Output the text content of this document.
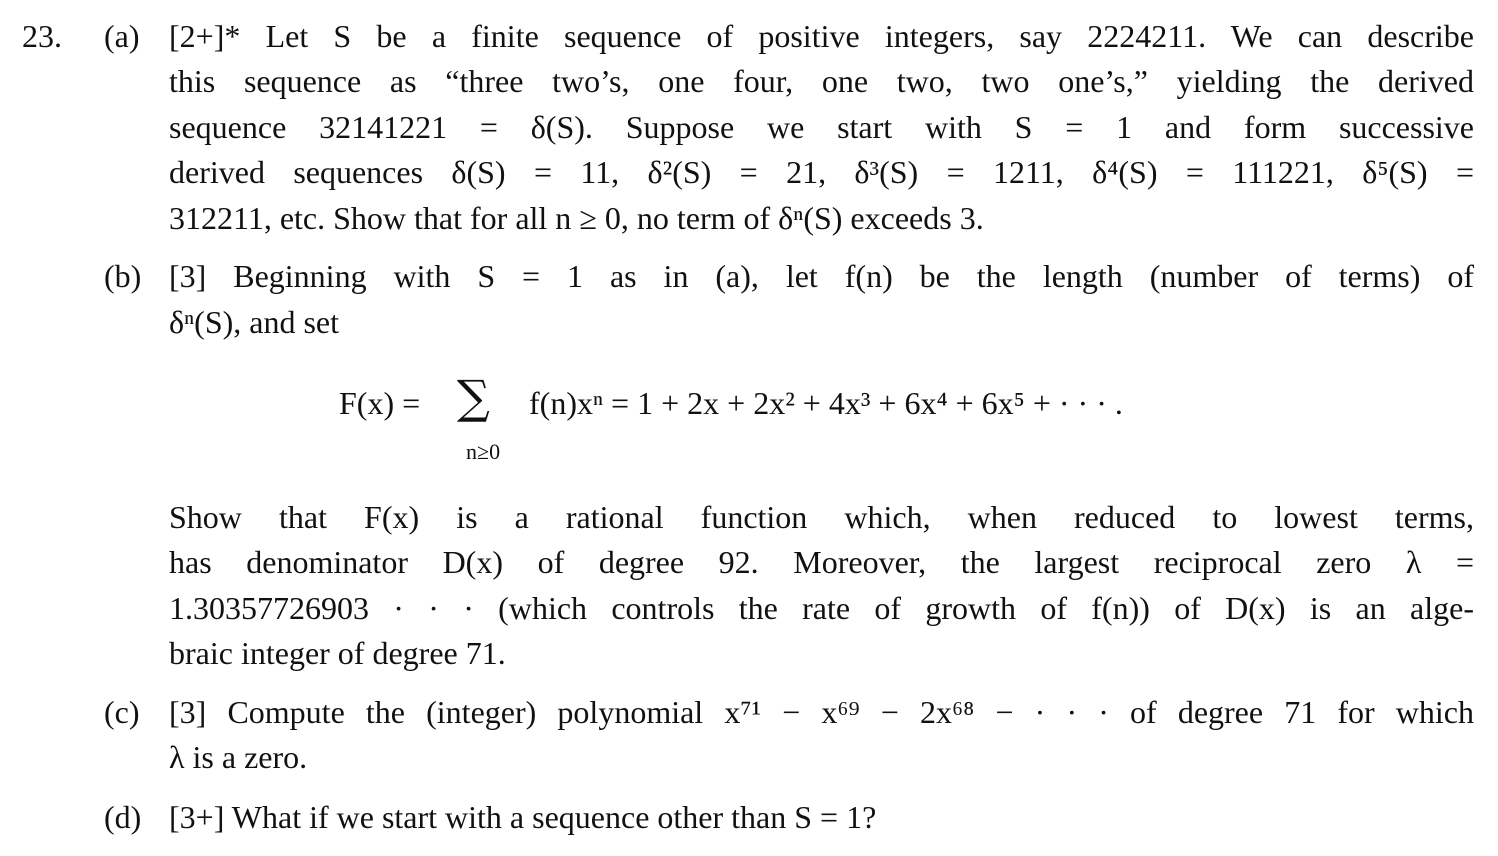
23. (a) [2+]* Let S be a finite sequence of positive integers, say 2224211. We can describe
this sequence as “three two’s, one four, one two, two one’s,” yielding the derived
sequence 32141221 = δ(S). Suppose we start with S = 1 and form successive
derived sequences δ(S) = 11, δ²(S) = 21, δ³(S) = 1211, δ⁴(S) = 111221, δ⁵(S) =
312211, etc. Show that for all n ≥ 0, no term of δⁿ(S) exceeds 3.
(b) [3] Beginning with S = 1 as in (a), let f(n) be the length (number of terms) of
δⁿ(S), and set
F(x) = ∑
n≥0
f(n)xⁿ = 1 + 2x + 2x² + 4x³ + 6x⁴ + 6x⁵ + · · · .
Show that F(x) is a rational function which, when reduced to lowest terms,
has denominator D(x) of degree 92. Moreover, the largest reciprocal zero λ =
1.30357726903 · · · (which controls the rate of growth of f(n)) of D(x) is an alge-
braic integer of degree 71.
(c) [3] Compute the (integer) polynomial x⁷¹ − x⁶⁹ − 2x⁶⁸ − · · · of degree 71 for which
λ is a zero.
(d) [3+] What if we start with a sequence other than S = 1?
